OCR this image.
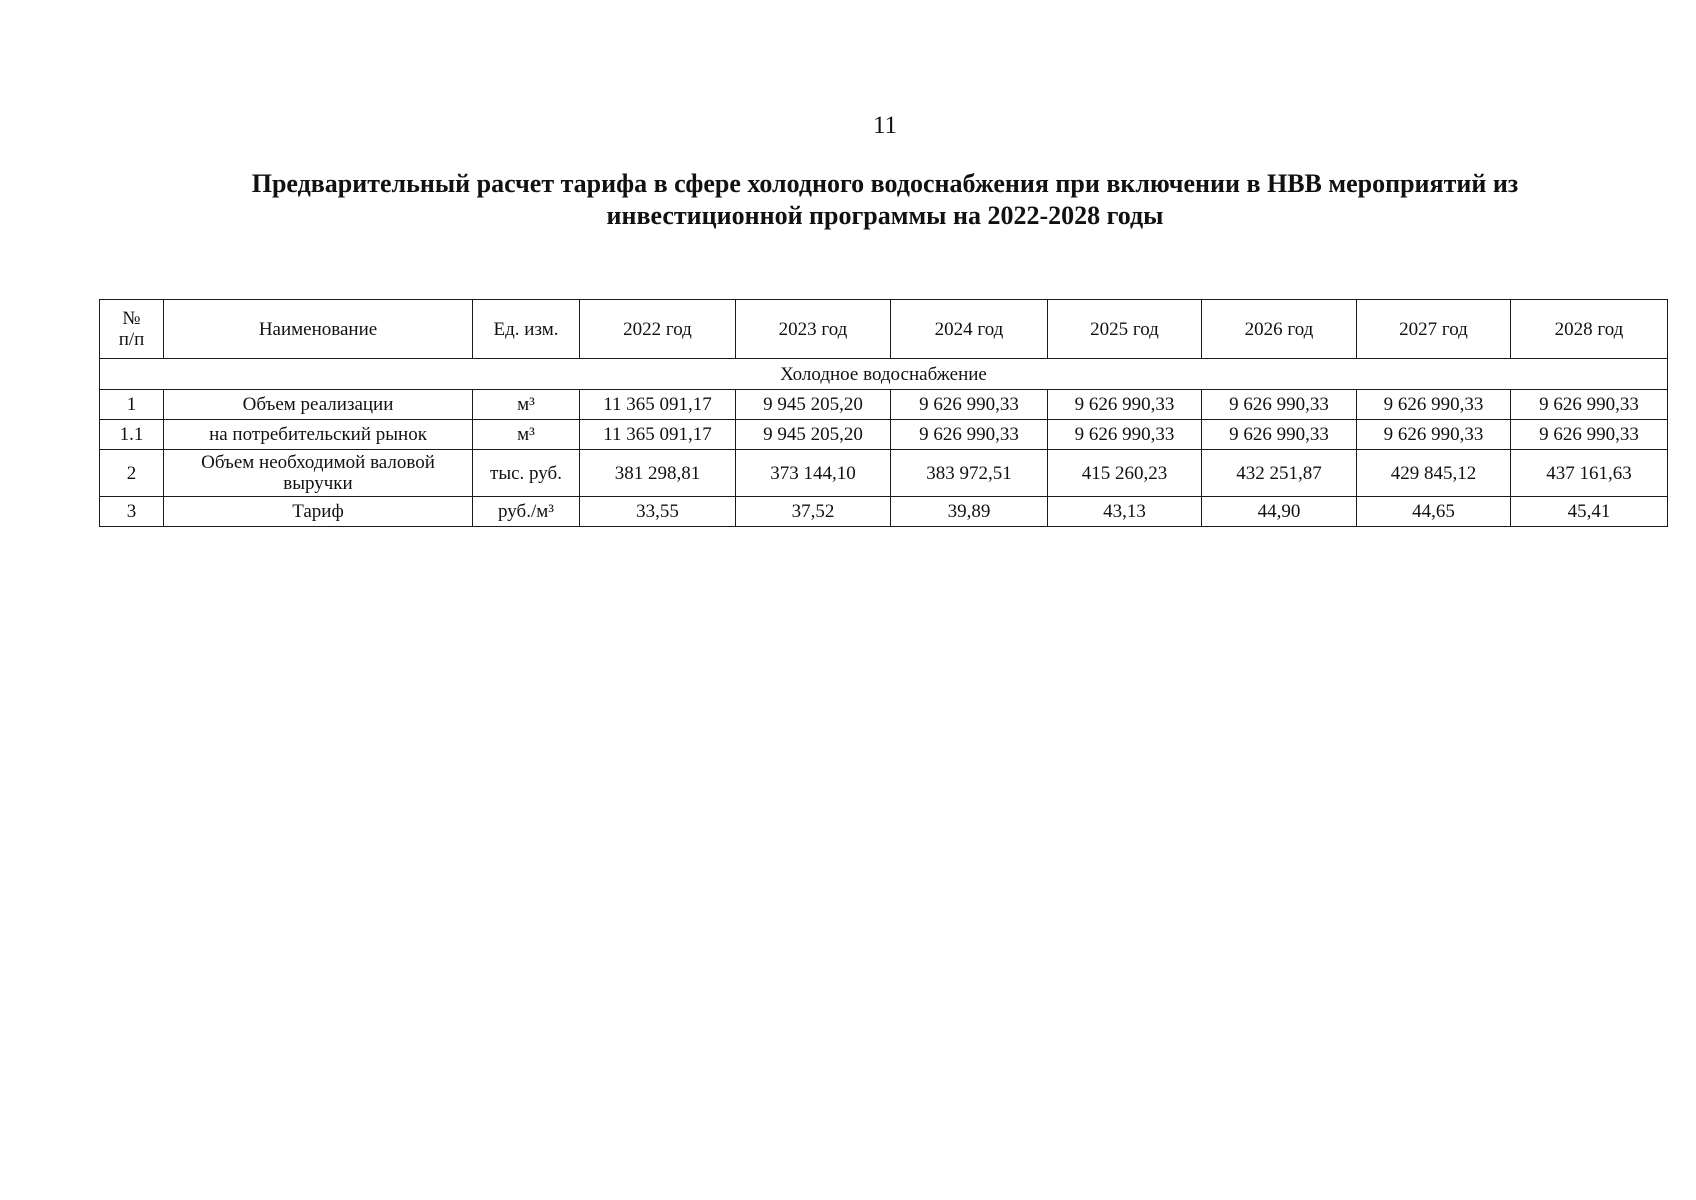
11
Предварительный расчет тарифа в сфере холодного водоснабжения при включении в НВВ мероприятий из
инвестиционной программы на 2022-2028 годы
№
п/п	Наименование	Ед. изм.	2022 год	2023 год	2024 год	2025 год	2026 год	2027 год	2028 год
Холодное водоснабжение									
1	Объем реализации	м³	11 365 091,17	9 945 205,20	9 626 990,33	9 626 990,33	9 626 990,33	9 626 990,33	9 626 990,33
1.1	на потребительский рынок	м³	11 365 091,17	9 945 205,20	9 626 990,33	9 626 990,33	9 626 990,33	9 626 990,33	9 626 990,33
2	Объем необходимой валовой выручки	тыс. руб.	381 298,81	373 144,10	383 972,51	415 260,23	432 251,87	429 845,12	437 161,63
3	Тариф	руб./м³	33,55	37,52	39,89	43,13	44,90	44,65	45,41
